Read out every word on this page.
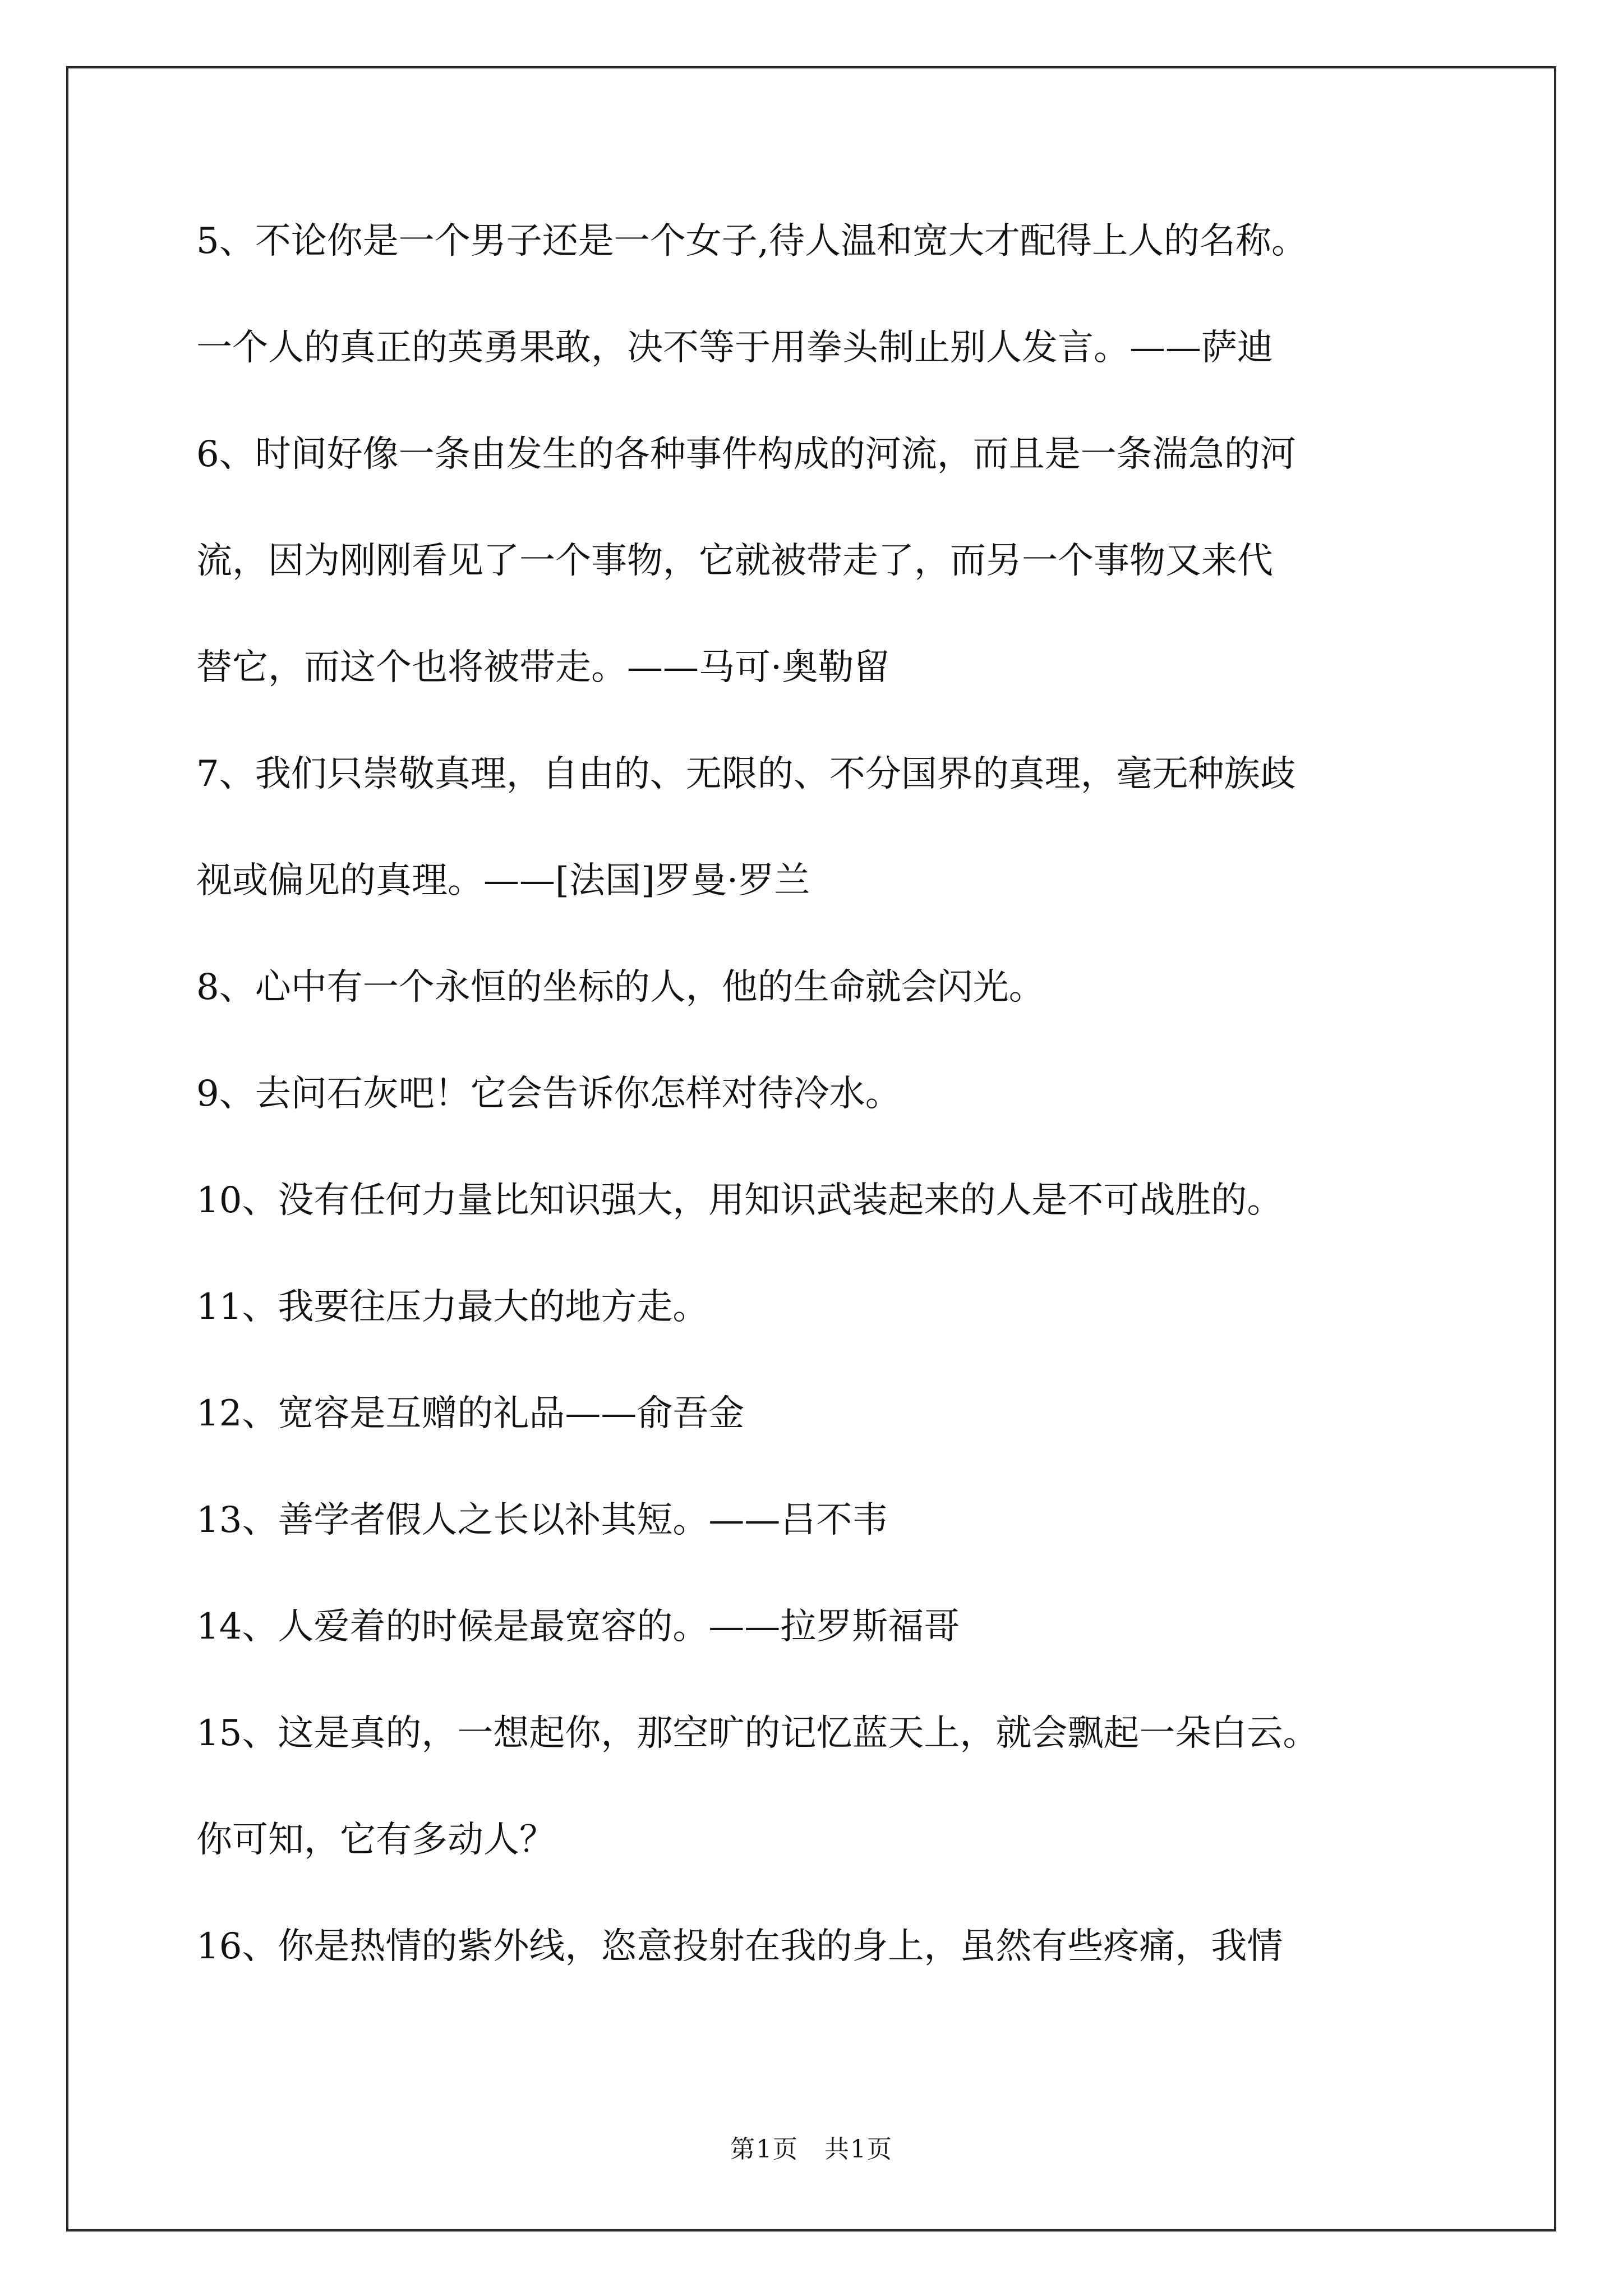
5、不论你是一个男子还是一个女子,待人温和宽大才配得上人的名称。

一个人的真正的英勇果敢，决不等于用拳头制止别人发言。——萨迪

6、时间好像一条由发生的各种事件构成的河流，而且是一条湍急的河

流，因为刚刚看见了一个事物，它就被带走了，而另一个事物又来代

替它，而这个也将被带走。——马可·奥勒留

7、我们只崇敬真理，自由的、无限的、不分国界的真理，毫无种族歧

视或偏见的真理。——[法国]罗曼·罗兰

8、心中有一个永恒的坐标的人，他的生命就会闪光。

9、去问石灰吧！它会告诉你怎样对待冷水。

10、没有任何力量比知识强大，用知识武装起来的人是不可战胜的。

11、我要往压力最大的地方走。

12、宽容是互赠的礼品——俞吾金

13、善学者假人之长以补其短。——吕不韦

14、人爱着的时候是最宽容的。——拉罗斯福哥

15、这是真的，一想起你，那空旷的记忆蓝天上，就会飘起一朵白云。

你可知，它有多动人？

16、你是热情的紫外线，恣意投射在我的身上，虽然有些疼痛，我情

第1页　共1页
